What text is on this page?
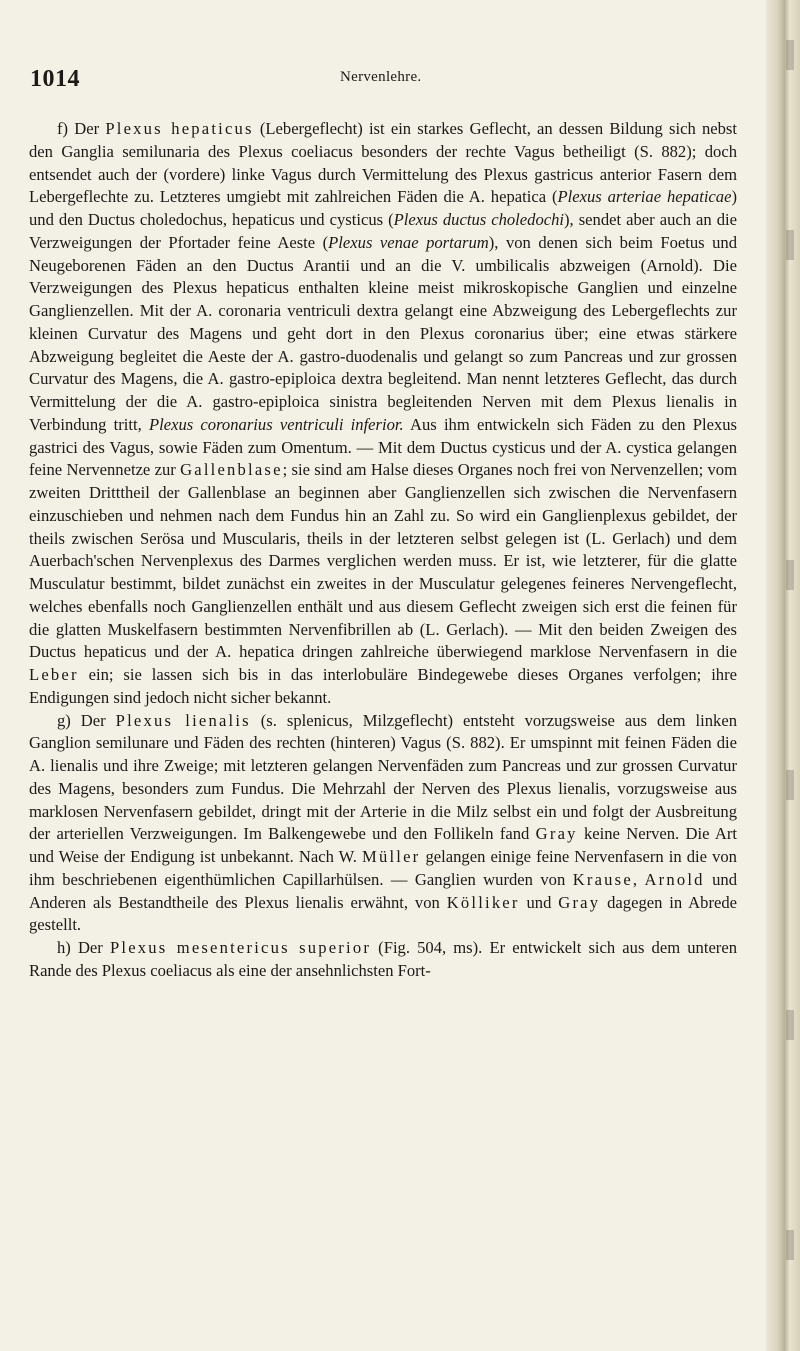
1014	Nervenlehre.

f) Der Plexus hepaticus (Lebergeflecht) ist ein starkes Geflecht, an dessen Bildung sich nebst den Ganglia semilunaria des Plexus coeliacus besonders der rechte Vagus betheiligt (S. 882); doch entsendet auch der (vordere) linke Vagus durch Vermittelung des Plexus gastricus anterior Fasern dem Lebergeflechte zu. Letzteres umgiebt mit zahlreichen Fäden die A. hepatica (Plexus arteriae hepaticae) und den Ductus choledochus, hepaticus und cysticus (Plexus ductus choledochi), sendet aber auch an die Verzweigungen der Pfortader feine Aeste (Plexus venae portarum), von denen sich beim Foetus und Neugeborenen Fäden an den Ductus Arantii und an die V. umbilicalis abzweigen (Arnold). Die Verzweigungen des Plexus hepaticus enthalten kleine meist mikroskopische Ganglien und einzelne Ganglienzellen. Mit der A. coronaria ventriculi dextra gelangt eine Abzweigung des Lebergeflechts zur kleinen Curvatur des Magens und geht dort in den Plexus coronarius über; eine etwas stärkere Abzweigung begleitet die Aeste der A. gastro-duodenalis und gelangt so zum Pancreas und zur grossen Curvatur des Magens, die A. gastro-epiploica dextra begleitend. Man nennt letzteres Geflecht, das durch Vermittelung der die A. gastro-epiploica sinistra begleitenden Nerven mit dem Plexus lienalis in Verbindung tritt, Plexus coronarius ventriculi inferior. Aus ihm entwickeln sich Fäden zu den Plexus gastrici des Vagus, sowie Fäden zum Omentum. — Mit dem Ductus cysticus und der A. cystica gelangen feine Nervennetze zur Gallenblase; sie sind am Halse dieses Organes noch frei von Nervenzellen; vom zweiten Dritttheil der Gallenblase an beginnen aber Ganglienzellen sich zwischen die Nervenfasern einzuschieben und nehmen nach dem Fundus hin an Zahl zu. So wird ein Ganglienplexus gebildet, der theils zwischen Serösa und Muscularis, theils in der letzteren selbst gelegen ist (L. Gerlach) und dem Auerbach'schen Nervenplexus des Darmes verglichen werden muss. Er ist, wie letzterer, für die glatte Musculatur bestimmt, bildet zunächst ein zweites in der Musculatur gelegenes feineres Nervengeflecht, welches ebenfalls noch Ganglienzellen enthält und aus diesem Geflecht zweigen sich erst die feinen für die glatten Muskelfasern bestimmten Nervenfibrillen ab (L. Gerlach). — Mit den beiden Zweigen des Ductus hepaticus und der A. hepatica dringen zahlreiche überwiegend marklose Nervenfasern in die Leber ein; sie lassen sich bis in das interlobuläre Bindegewebe dieses Organes verfolgen; ihre Endigungen sind jedoch nicht sicher bekannt.

g) Der Plexus lienalis (s. splenicus, Milzgeflecht) entsteht vorzugsweise aus dem linken Ganglion semilunare und Fäden des rechten (hinteren) Vagus (S. 882). Er umspinnt mit feinen Fäden die A. lienalis und ihre Zweige; mit letzteren gelangen Nervenfäden zum Pancreas und zur grossen Curvatur des Magens, besonders zum Fundus. Die Mehrzahl der Nerven des Plexus lienalis, vorzugsweise aus marklosen Nervenfasern gebildet, dringt mit der Arterie in die Milz selbst ein und folgt der Ausbreitung der arteriellen Verzweigungen. Im Balkengewebe und den Follikeln fand Gray keine Nerven. Die Art und Weise der Endigung ist unbekannt. Nach W. Müller gelangen einige feine Nervenfasern in die von ihm beschriebenen eigenthümlichen Capillarhülsen. — Ganglien wurden von Krause, Arnold und Anderen als Bestandtheile des Plexus lienalis erwähnt, von Kölliker und Gray dagegen in Abrede gestellt.

h) Der Plexus mesentericus superior (Fig. 504, ms). Er entwickelt sich aus dem unteren Rande des Plexus coeliacus als eine der ansehnlichsten Fort-
